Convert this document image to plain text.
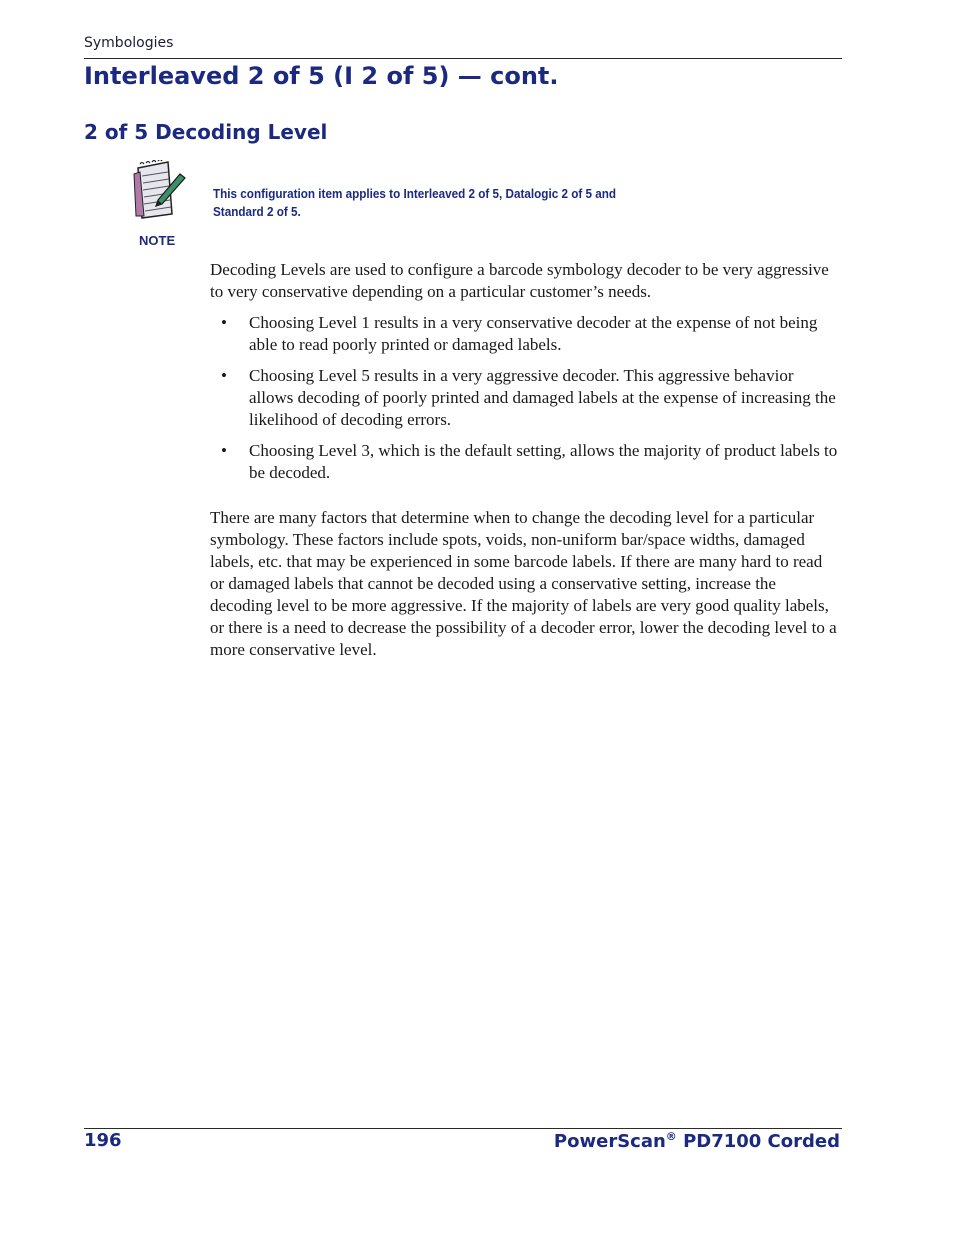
Symbologies
Interleaved 2 of 5 (I 2 of 5) — cont.
2 of 5 Decoding Level
NOTE
This configuration item applies to Interleaved 2 of 5, Datalogic 2 of 5 and
Standard 2 of 5.

Decoding Levels are used to configure a barcode symbology decoder to be very aggressive to very conservative depending on a particular customer’s needs.

• Choosing Level 1 results in a very conservative decoder at the expense of not being able to read poorly printed or damaged labels.
• Choosing Level 5 results in a very aggressive decoder. This aggressive behavior allows decoding of poorly printed and damaged labels at the expense of increasing the likelihood of decoding errors.
• Choosing Level 3, which is the default setting, allows the majority of product labels to be decoded.

There are many factors that determine when to change the decoding level for a particular symbology. These factors include spots, voids, non-uniform bar/space widths, damaged labels, etc. that may be experienced in some barcode labels. If there are many hard to read or damaged labels that cannot be decoded using a conservative setting, increase the decoding level to be more aggressive. If the majority of labels are very good quality labels, or there is a need to decrease the possibility of a decoder error, lower the decoding level to a more conservative level.

196	PowerScan® PD7100 Corded
